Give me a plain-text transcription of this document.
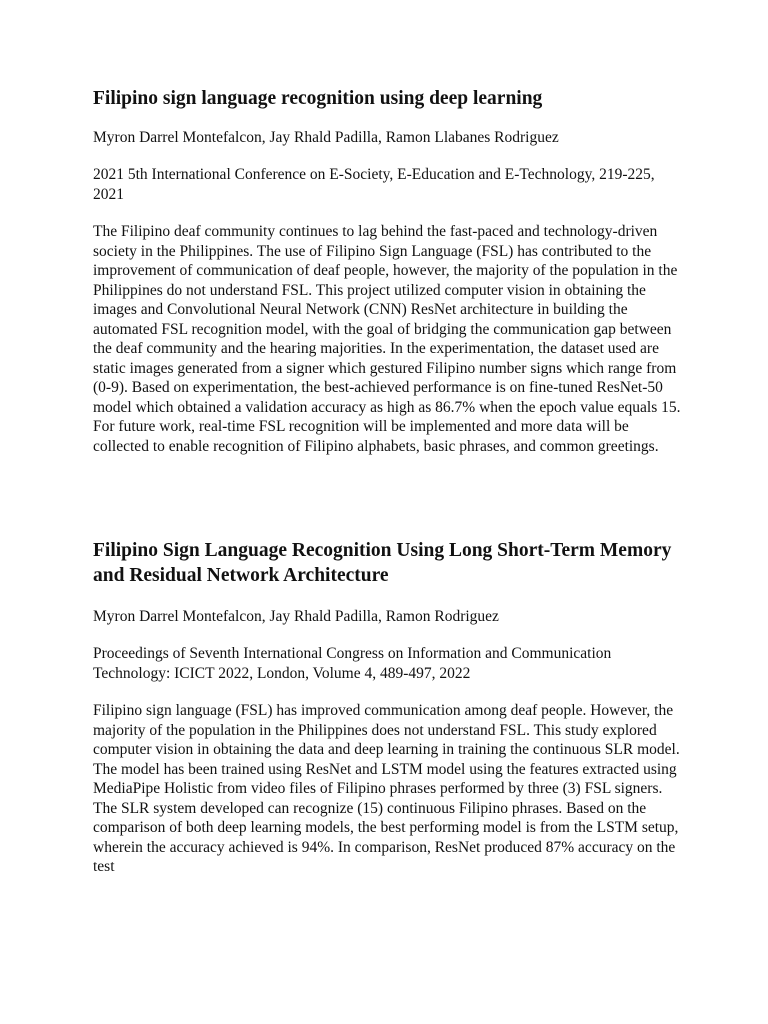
Filipino sign language recognition using deep learning

Myron Darrel Montefalcon, Jay Rhald Padilla, Ramon Llabanes Rodriguez

2021 5th International Conference on E-Society, E-Education and E-Technology, 219-225, 2021

The Filipino deaf community continues to lag behind the fast-paced and technology-driven society in the Philippines. The use of Filipino Sign Language (FSL) has contributed to the improvement of communication of deaf people, however, the majority of the population in the Philippines do not understand FSL. This project utilized computer vision in obtaining the images and Convolutional Neural Network (CNN) ResNet architecture in building the automated FSL recognition model, with the goal of bridging the communication gap between the deaf community and the hearing majorities. In the experimentation, the dataset used are static images generated from a signer which gestured Filipino number signs which range from (0-9). Based on experimentation, the best-achieved performance is on fine-tuned ResNet-50 model which obtained a validation accuracy as high as 86.7% when the epoch value equals 15. For future work, real-time FSL recognition will be implemented and more data will be collected to enable recognition of Filipino alphabets, basic phrases, and common greetings.

Filipino Sign Language Recognition Using Long Short-Term Memory and Residual Network Architecture

Myron Darrel Montefalcon, Jay Rhald Padilla, Ramon Rodriguez

Proceedings of Seventh International Congress on Information and Communication Technology: ICICT 2022, London, Volume 4, 489-497, 2022

Filipino sign language (FSL) has improved communication among deaf people. However, the majority of the population in the Philippines does not understand FSL. This study explored computer vision in obtaining the data and deep learning in training the continuous SLR model. The model has been trained using ResNet and LSTM model using the features extracted using MediaPipe Holistic from video files of Filipino phrases performed by three (3) FSL signers. The SLR system developed can recognize (15) continuous Filipino phrases. Based on the comparison of both deep learning models, the best performing model is from the LSTM setup, wherein the accuracy achieved is 94%. In comparison, ResNet produced 87% accuracy on the test
